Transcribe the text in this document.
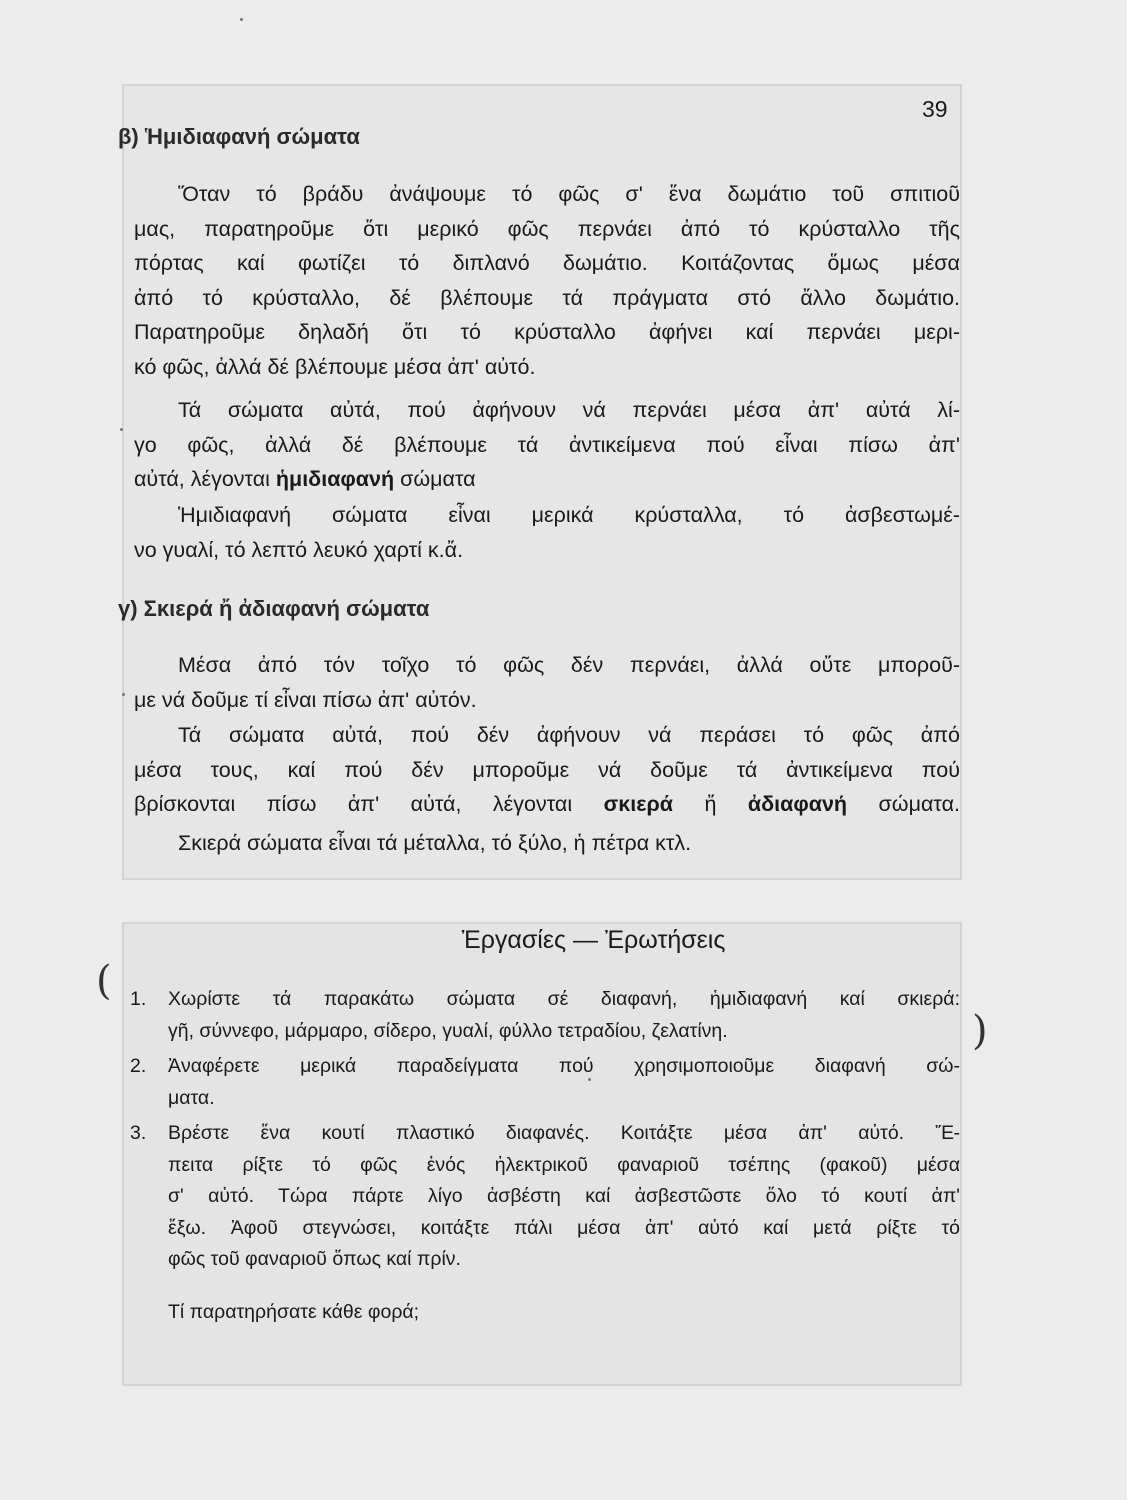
39
β) Ἡμιδιαφανή σώματα
Ὅταν τό βράδυ ἀνάψουμε τό φῶς σ' ἕνα δωμάτιο τοῦ σπιτιοῦ
μας, παρατηροῦμε ὅτι μερικό φῶς περνάει ἀπό τό κρύσταλλο τῆς
πόρτας καί φωτίζει τό διπλανό δωμάτιο. Κοιτάζοντας ὅμως μέσα
ἀπό τό κρύσταλλο, δέ βλέπουμε τά πράγματα στό ἄλλο δωμάτιο.
Παρατηροῦμε δηλαδή ὅτι τό κρύσταλλο ἀφήνει καί περνάει μερι-
κό φῶς, ἀλλά δέ βλέπουμε μέσα ἀπ' αὐτό.
Τά σώματα αὐτά, πού ἀφήνουν νά περνάει μέσα ἀπ' αὐτά λί-
γο φῶς, ἀλλά δέ βλέπουμε τά ἀντικείμενα πού εἶναι πίσω ἀπ'
αὐτά, λέγονται ἡμιδιαφανή σώματα
Ἡμιδιαφανή σώματα εἶναι μερικά κρύσταλλα, τό ἀσβεστωμέ-
νο γυαλί, τό λεπτό λευκό χαρτί κ.ἄ.
γ) Σκιερά ἤ ἀδιαφανή σώματα
Μέσα ἀπό τόν τοῖχο τό φῶς δέν περνάει, ἀλλά οὔτε μποροῦ-
με νά δοῦμε τί εἶναι πίσω ἀπ' αὐτόν.
Τά σώματα αὐτά, πού δέν ἀφήνουν νά περάσει τό φῶς ἀπό
μέσα τους, καί πού δέν μποροῦμε νά δοῦμε τά ἀντικείμενα πού
βρίσκονται πίσω ἀπ' αὐτά, λέγονται σκιερά ἤ ἀδιαφανή σώματα.
Σκιερά σώματα εἶναι τά μέταλλα, τό ξύλο, ἡ πέτρα κτλ.
Ἐργασίες — Ἐρωτήσεις
(
)
1. Χωρίστε τά παρακάτω σώματα σέ διαφανή, ἡμιδιαφανή καί σκιερά:
γῆ, σύννεφο, μάρμαρο, σίδερο, γυαλί, φύλλο τετραδίου, ζελατίνη.
2. Ἀναφέρετε μερικά παραδείγματα πού χρησιμοποιοῦμε διαφανή σώ-
ματα.
3. Βρέστε ἕνα κουτί πλαστικό διαφανές. Κοιτάξτε μέσα ἀπ' αὐτό. Ἔ-
πειτα ρίξτε τό φῶς ἑνός ἠλεκτρικοῦ φαναριοῦ τσέπης (φακοῦ) μέσα
σ' αὐτό. Τώρα πάρτε λίγο ἀσβέστη καί ἀσβεστῶστε ὅλο τό κουτί ἀπ'
ἔξω. Ἀφοῦ στεγνώσει, κοιτάξτε πάλι μέσα ἀπ' αὐτό καί μετά ρίξτε τό
φῶς τοῦ φαναριοῦ ὅπως καί πρίν.
Τί παρατηρήσατε κάθε φορά;
